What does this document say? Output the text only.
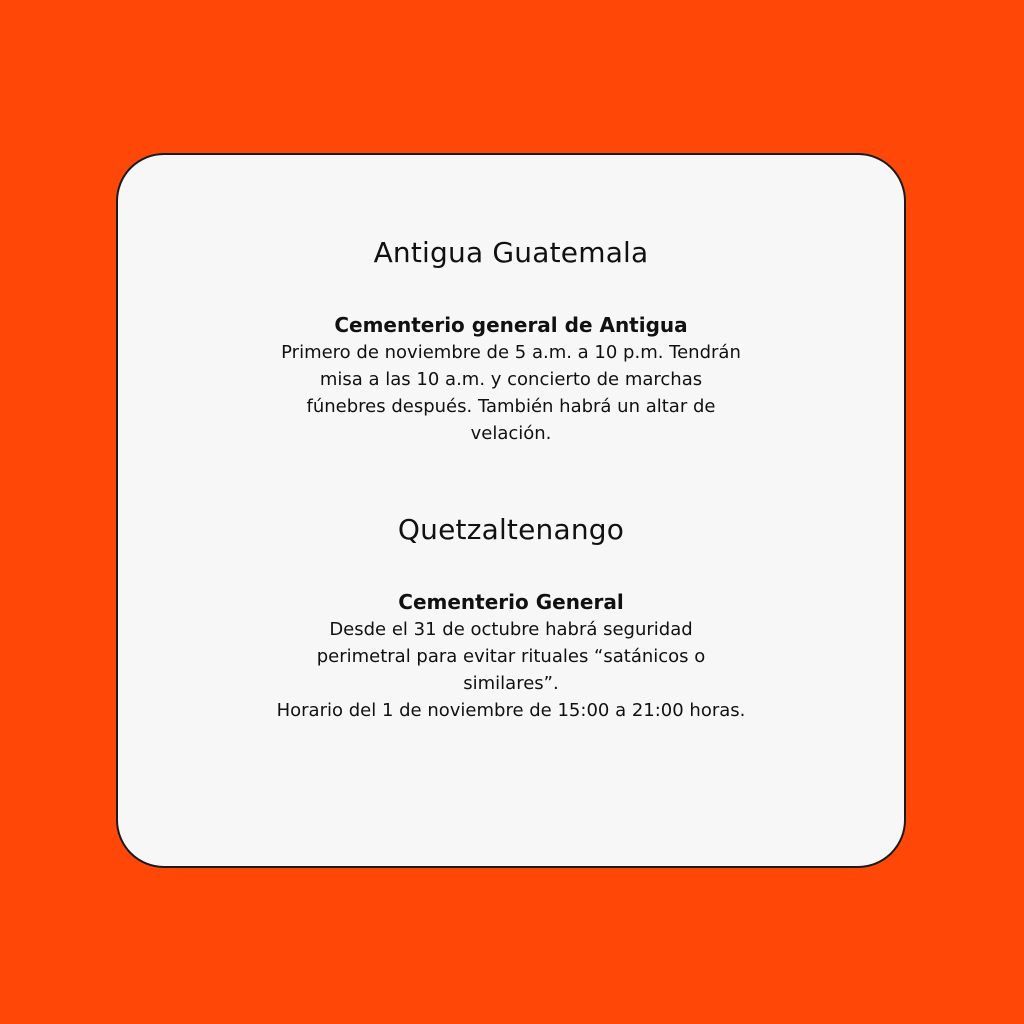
Antigua Guatemala
Cementerio general de Antigua
Primero de noviembre de 5 a.m. a 10 p.m. Tendrán
misa a las 10 a.m. y concierto de marchas
fúnebres después. También habrá un altar de
velación.
Quetzaltenango
Cementerio General
Desde el 31 de octubre habrá seguridad
perimetral para evitar rituales “satánicos o
similares”.
Horario del 1 de noviembre de 15:00 a 21:00 horas.
